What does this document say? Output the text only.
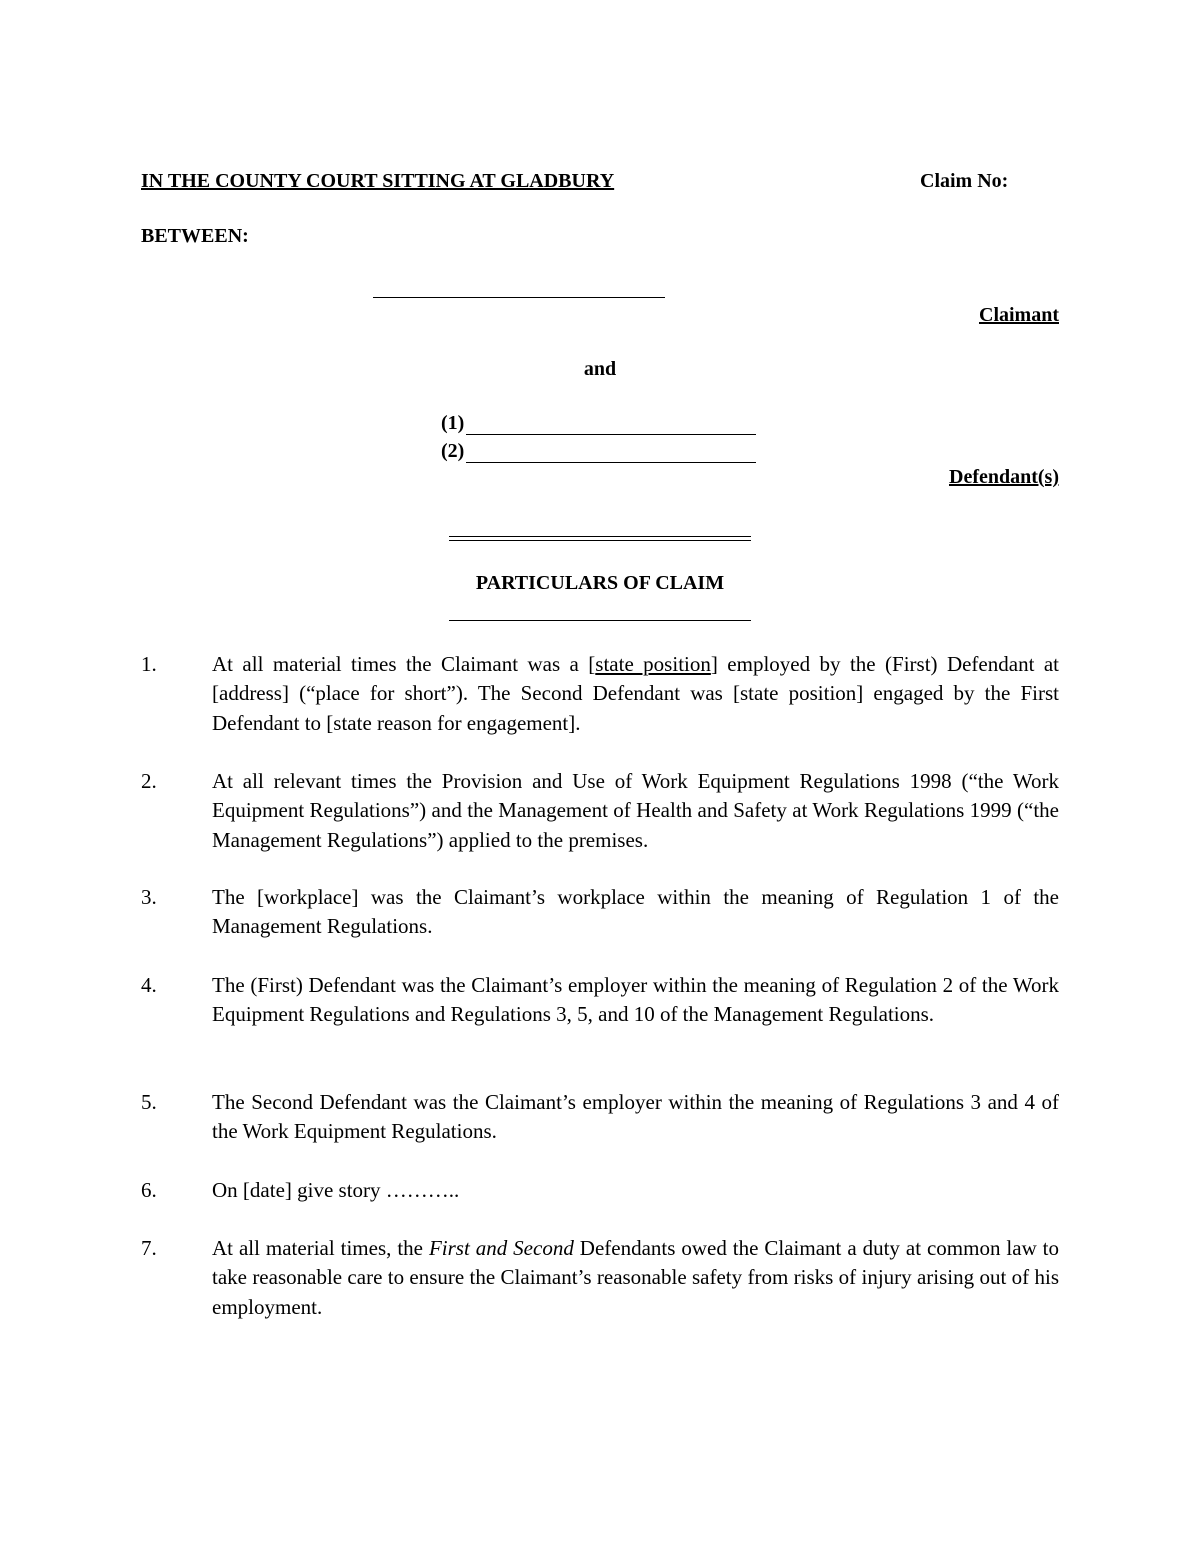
IN THE COUNTY COURT SITTING AT GLADBURY	Claim No:
BETWEEN:
Claimant
and
(1)
(2)
Defendant(s)
PARTICULARS OF CLAIM
1.	At all material times the Claimant was a [state position] employed by the (First) Defendant at [address] (“place for short”). The Second Defendant was [state position] engaged by the First Defendant to [state reason for engagement].
2.	At all relevant times the Provision and Use of Work Equipment Regulations 1998 (“the Work Equipment Regulations”) and the Management of Health and Safety at Work Regulations 1999 (“the Management Regulations”) applied to the premises.
3.	The [workplace] was the Claimant’s workplace within the meaning of Regulation 1 of the Management Regulations.
4.	The (First) Defendant was the Claimant’s employer within the meaning of Regulation 2 of the Work Equipment Regulations and Regulations 3, 5, and 10 of the Management Regulations.
5.	The Second Defendant was the Claimant’s employer within the meaning of Regulations 3 and 4 of the Work Equipment Regulations.
6.	On [date] give story ………..
7.	At all material times, the First and Second Defendants owed the Claimant a duty at common law to take reasonable care to ensure the Claimant’s reasonable safety from risks of injury arising out of his employment.
